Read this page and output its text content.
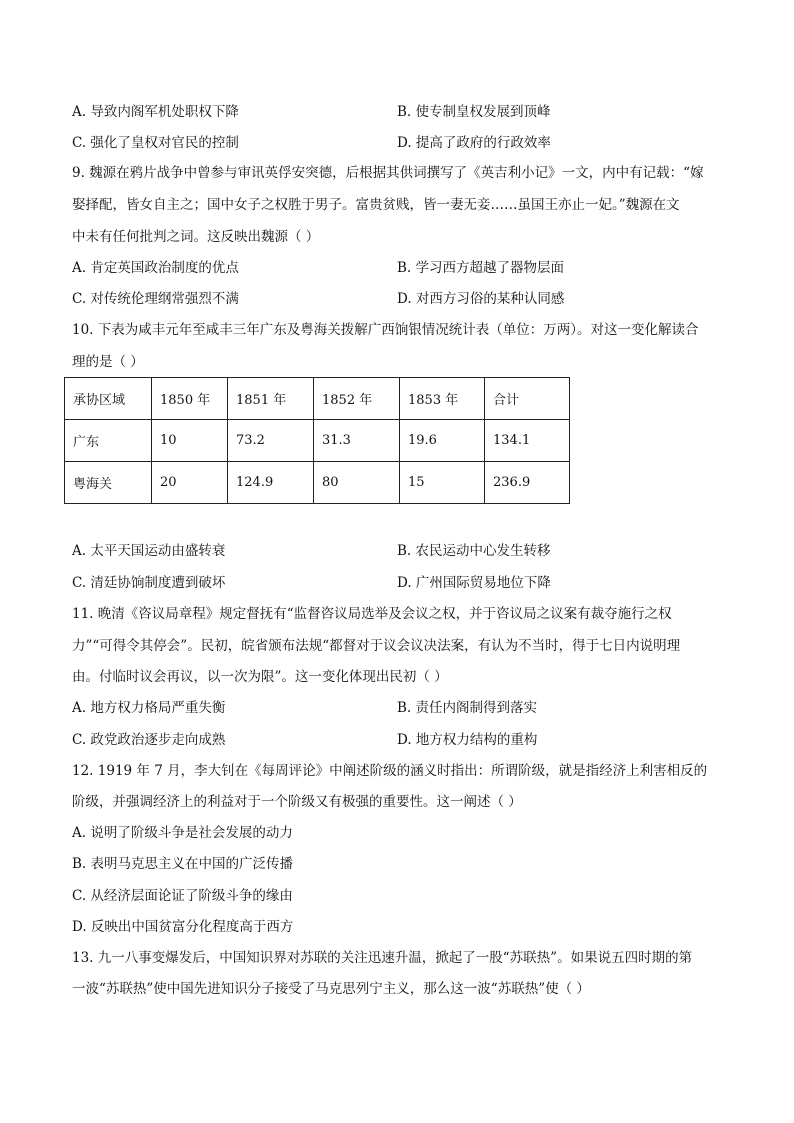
A. 导致内阁军机处职权下降	B. 使专制皇权发展到顶峰
C. 强化了皇权对官民的控制	D. 提高了政府的行政效率
9. 魏源在鸦片战争中曾参与审讯英俘安突德，后根据其供词撰写了《英吉利小记》一文，内中有记载：“嫁
娶择配，皆女自主之；国中女子之权胜于男子。富贵贫贱，皆一妻无妾……虽国王亦止一妃。”魏源在文
中未有任何批判之词。这反映出魏源（ ）
A. 肯定英国政治制度的优点	B. 学习西方超越了器物层面
C. 对传统伦理纲常强烈不满	D. 对西方习俗的某种认同感
10. 下表为咸丰元年至咸丰三年广东及粤海关拨解广西饷银情况统计表（单位：万两）。对这一变化解读合
理的是（ ）
承协区域	1850 年	1851 年	1852 年	1853 年	合计
广东	10	73.2	31.3	19.6	134.1
粤海关	20	124.9	80	15	236.9
A. 太平天国运动由盛转衰	B. 农民运动中心发生转移
C. 清廷协饷制度遭到破坏	D. 广州国际贸易地位下降
11. 晚清《咨议局章程》规定督抚有“监督咨议局选举及会议之权，并于咨议局之议案有裁夺施行之权
力”“可得令其停会”。民初，皖省颁布法规“都督对于议会议决法案，有认为不当时，得于七日内说明理
由。付临时议会再议，以一次为限”。这一变化体现出民初（ ）
A. 地方权力格局严重失衡	B. 责任内阁制得到落实
C. 政党政治逐步走向成熟	D. 地方权力结构的重构
12. 1919 年 7 月，李大钊在《每周评论》中阐述阶级的涵义时指出：所谓阶级，就是指经济上利害相反的
阶级，并强调经济上的利益对于一个阶级又有极强的重要性。这一阐述（ ）
A. 说明了阶级斗争是社会发展的动力
B. 表明马克思主义在中国的广泛传播
C. 从经济层面论证了阶级斗争的缘由
D. 反映出中国贫富分化程度高于西方
13. 九一八事变爆发后，中国知识界对苏联的关注迅速升温，掀起了一股“苏联热”。如果说五四时期的第
一波“苏联热”使中国先进知识分子接受了马克思列宁主义，那么这一波“苏联热”使（ ）
